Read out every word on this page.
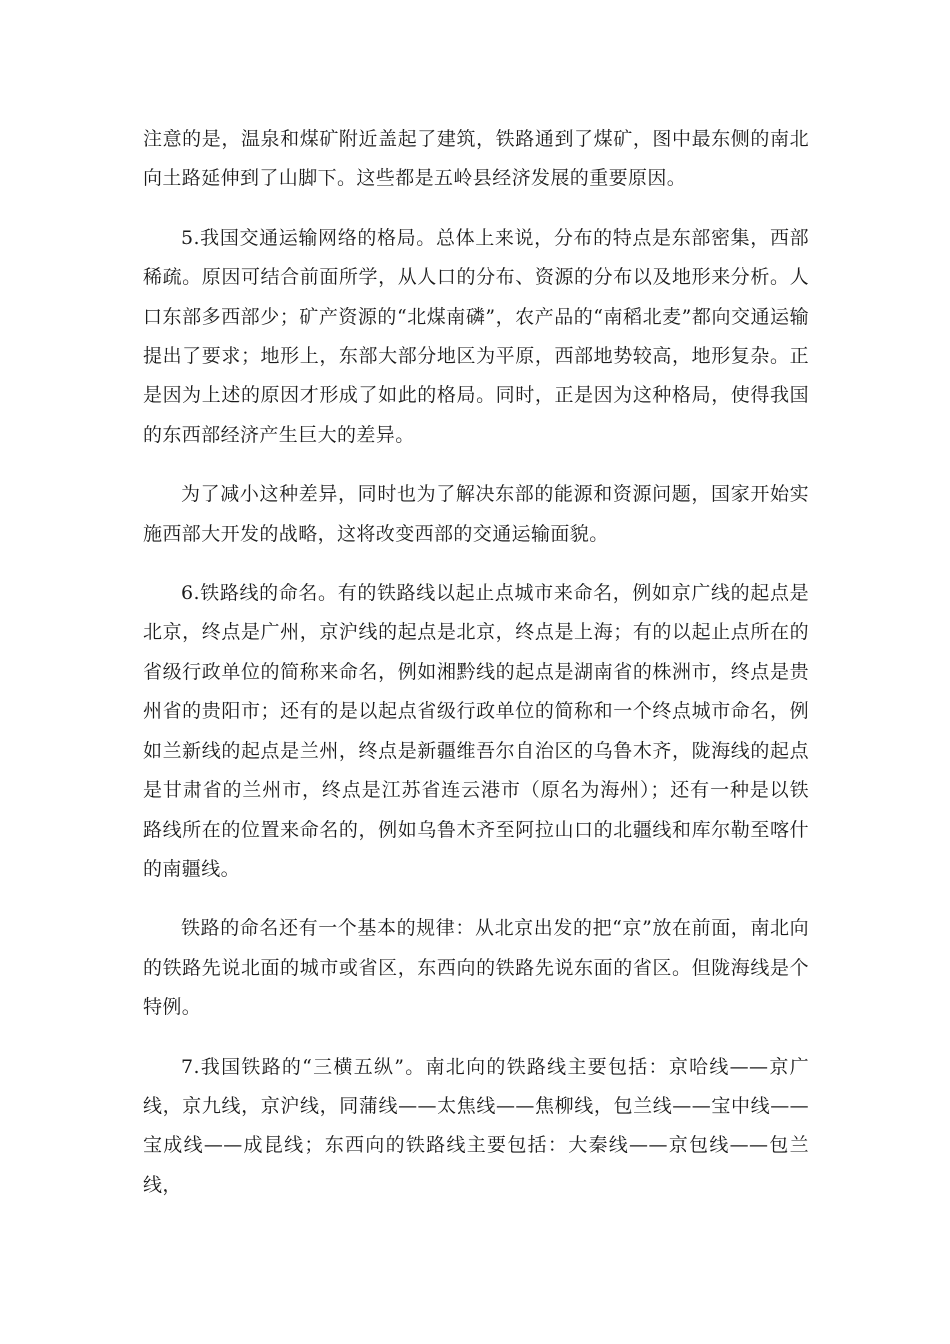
注意的是，温泉和煤矿附近盖起了建筑，铁路通到了煤矿，图中最东侧的南北向土路延伸到了山脚下。这些都是五岭县经济发展的重要原因。

5.我国交通运输网络的格局。总体上来说，分布的特点是东部密集，西部稀疏。原因可结合前面所学，从人口的分布、资源的分布以及地形来分析。人口东部多西部少；矿产资源的“北煤南磷”，农产品的“南稻北麦”都向交通运输提出了要求；地形上，东部大部分地区为平原，西部地势较高，地形复杂。正是因为上述的原因才形成了如此的格局。同时，正是因为这种格局，使得我国的东西部经济产生巨大的差异。

为了减小这种差异，同时也为了解决东部的能源和资源问题，国家开始实施西部大开发的战略，这将改变西部的交通运输面貌。

6.铁路线的命名。有的铁路线以起止点城市来命名，例如京广线的起点是北京，终点是广州，京沪线的起点是北京，终点是上海；有的以起止点所在的省级行政单位的简称来命名，例如湘黔线的起点是湖南省的株洲市，终点是贵州省的贵阳市；还有的是以起点省级行政单位的简称和一个终点城市命名，例如兰新线的起点是兰州，终点是新疆维吾尔自治区的乌鲁木齐，陇海线的起点是甘肃省的兰州市，终点是江苏省连云港市（原名为海州）；还有一种是以铁路线所在的位置来命名的，例如乌鲁木齐至阿拉山口的北疆线和库尔勒至喀什的南疆线。

铁路的命名还有一个基本的规律：从北京出发的把“京”放在前面，南北向的铁路先说北面的城市或省区，东西向的铁路先说东面的省区。但陇海线是个特例。

7.我国铁路的“三横五纵”。南北向的铁路线主要包括：京哈线——京广线，京九线，京沪线，同蒲线——太焦线——焦柳线，包兰线——宝中线——宝成线——成昆线；东西向的铁路线主要包括：大秦线——京包线——包兰线，
